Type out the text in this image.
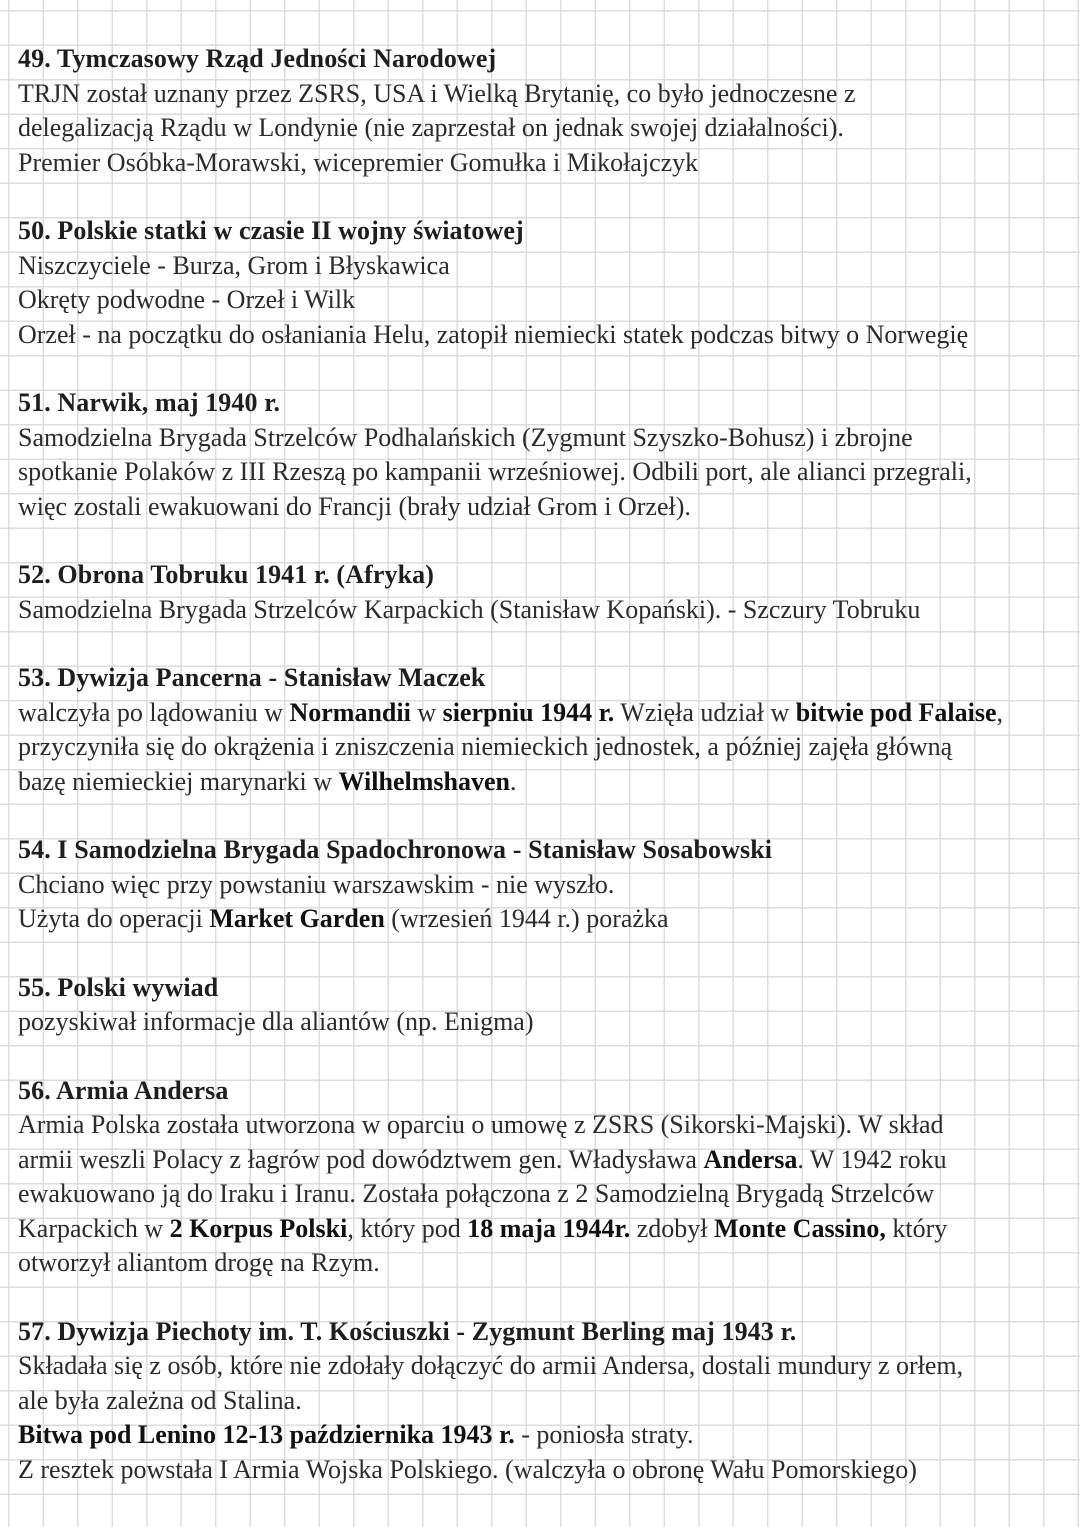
49. Tymczasowy Rząd Jedności Narodowej
TRJN został uznany przez ZSRS, USA i Wielką Brytanię, co było jednoczesne z
delegalizacją Rządu w Londynie (nie zaprzestał on jednak swojej działalności).
Premier Osóbka-Morawski, wicepremier Gomułka i Mikołajczyk
50. Polskie statki w czasie II wojny światowej
Niszczyciele - Burza, Grom i Błyskawica
Okręty podwodne - Orzeł i Wilk
Orzeł - na początku do osłaniania Helu, zatopił niemiecki statek podczas bitwy o Norwegię
51. Narwik, maj 1940 r.
Samodzielna Brygada Strzelców Podhalańskich (Zygmunt Szyszko-Bohusz) i zbrojne
spotkanie Polaków z III Rzeszą po kampanii wrześniowej. Odbili port, ale alianci przegrali,
więc zostali ewakuowani do Francji (brały udział Grom i Orzeł).
52. Obrona Tobruku 1941 r. (Afryka)
Samodzielna Brygada Strzelców Karpackich (Stanisław Kopański). - Szczury Tobruku
53. Dywizja Pancerna - Stanisław Maczek
walczyła po lądowaniu w Normandii w sierpniu 1944 r. Wzięła udział w bitwie pod Falaise,
przyczyniła się do okrążenia i zniszczenia niemieckich jednostek, a później zajęła główną
bazę niemieckiej marynarki w Wilhelmshaven.
54. I Samodzielna Brygada Spadochronowa - Stanisław Sosabowski
Chciano więc przy powstaniu warszawskim - nie wyszło.
Użyta do operacji Market Garden (wrzesień 1944 r.) porażka
55. Polski wywiad
pozyskiwał informacje dla aliantów (np. Enigma)
56. Armia Andersa
Armia Polska została utworzona w oparciu o umowę z ZSRS (Sikorski-Majski). W skład
armii weszli Polacy z łagrów pod dowództwem gen. Władysława Andersa. W 1942 roku
ewakuowano ją do Iraku i Iranu. Została połączona z 2 Samodzielną Brygadą Strzelców
Karpackich w 2 Korpus Polski, który pod 18 maja 1944r. zdobył Monte Cassino, który
otworzył aliantom drogę na Rzym.
57. Dywizja Piechoty im. T. Kościuszki - Zygmunt Berling maj 1943 r.
Składała się z osób, które nie zdołały dołączyć do armii Andersa, dostali mundury z orłem,
ale była zależna od Stalina.
Bitwa pod Lenino 12-13 października 1943 r. - poniosła straty.
Z resztek powstała I Armia Wojska Polskiego. (walczyła o obronę Wału Pomorskiego)
